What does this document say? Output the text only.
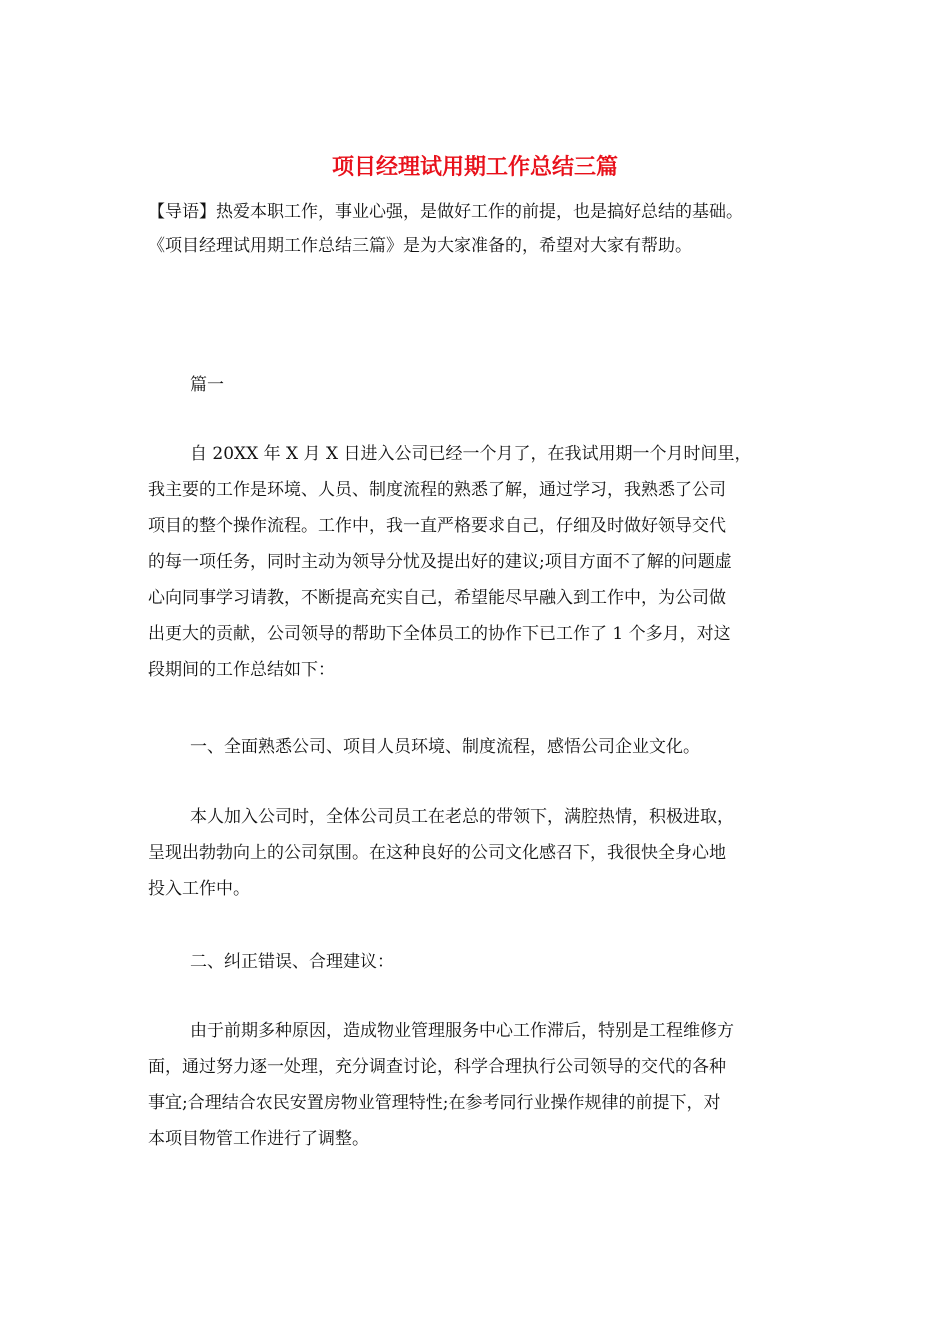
项目经理试用期工作总结三篇
【导语】热爱本职工作，事业心强，是做好工作的前提，也是搞好总结的基础。
《项目经理试用期工作总结三篇》是为大家准备的，希望对大家有帮助。
篇一
自 20XX 年 X 月 X 日进入公司已经一个月了，在我试用期一个月时间里，
我主要的工作是环境、人员、制度流程的熟悉了解，通过学习，我熟悉了公司
项目的整个操作流程。工作中，我一直严格要求自己，仔细及时做好领导交代
的每一项任务，同时主动为领导分忧及提出好的建议;项目方面不了解的问题虚
心向同事学习请教，不断提高充实自己，希望能尽早融入到工作中，为公司做
出更大的贡献，公司领导的帮助下全体员工的协作下已工作了 1 个多月，对这
段期间的工作总结如下：
一、全面熟悉公司、项目人员环境、制度流程，感悟公司企业文化。
本人加入公司时，全体公司员工在老总的带领下，满腔热情，积极进取，
呈现出勃勃向上的公司氛围。在这种良好的公司文化感召下，我很快全身心地
投入工作中。
二、纠正错误、合理建议：
由于前期多种原因，造成物业管理服务中心工作滞后，特别是工程维修方
面，通过努力逐一处理，充分调查讨论，科学合理执行公司领导的交代的各种
事宜;合理结合农民安置房物业管理特性;在参考同行业操作规律的前提下，对
本项目物管工作进行了调整。
